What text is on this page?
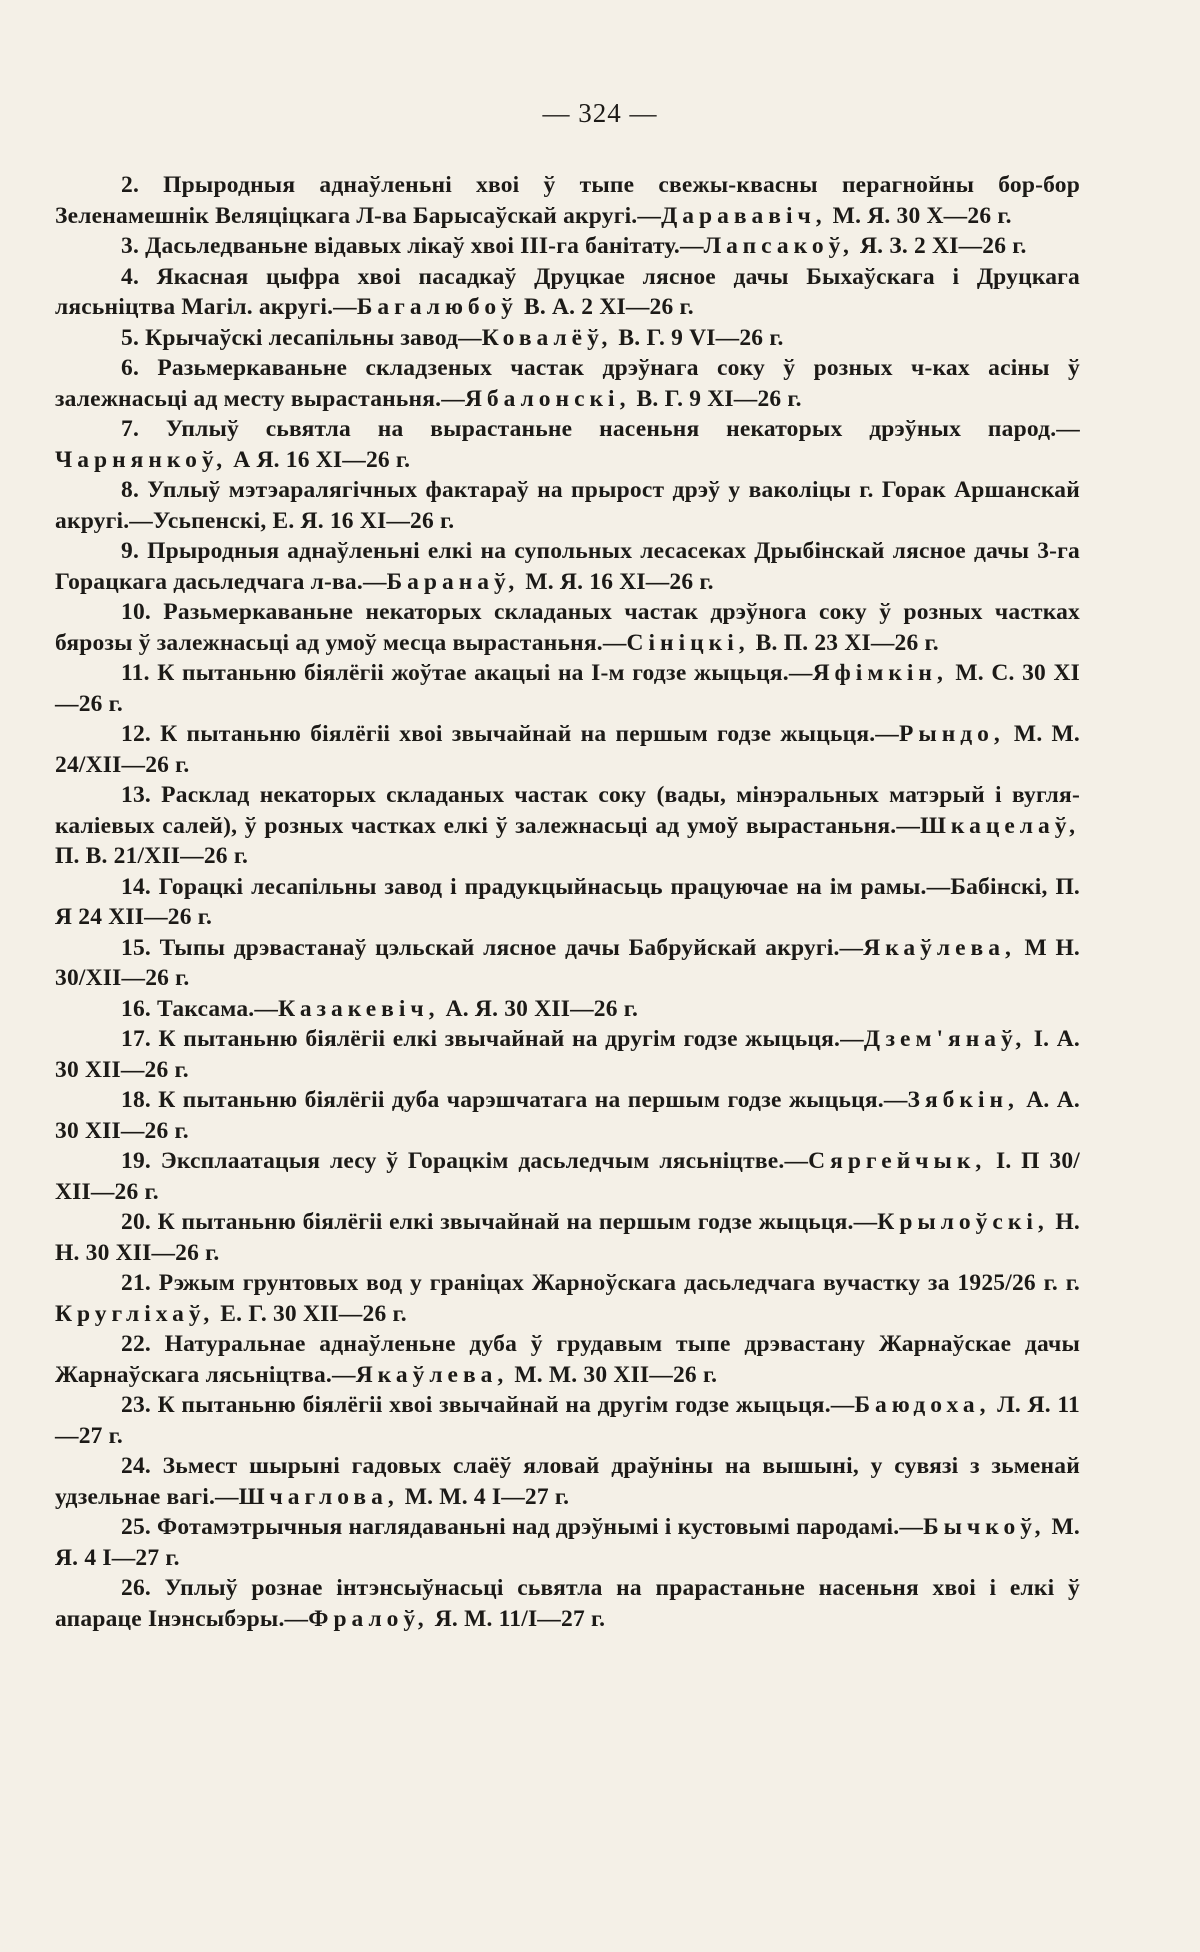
— 324 —
2. Прыродныя аднаўленьні хвоі ў тыпе свежы-квасны перагнойны бор-бор Зеленамешнік Веляціцкага Л-ва Барысаўскай акругі.—Дарававіч, М. Я. 30 Х—26 г.
3. Дасьледваньне відавых лікаў хвоі ІІІ-га банітату.—Лапсакоў, Я. З. 2 ХІ—26 г.
4. Якасная цыфра хвоі пасадкаў Друцкае лясное дачы Быхаўскага і Друцкага лясьніцтва Магіл. акругі.—Багалюбоў В. А. 2 ХІ—26 г.
5. Крычаўскі лесапільны завод—Ковалёў, В. Г. 9 VІ—26 г.
6. Разьмеркаваньне складзеных частак дрэўнага соку ў розных ч-ках асіны ў залежнасьці ад месту вырастаньня.—Ябалонскі, В. Г. 9 ХІ—26 г.
7. Уплыў сьвятла на вырастаньне насеньня некаторых дрэўных парод.—Чарнянкоў, А Я. 16 ХІ—26 г.
8. Уплыў мэтэаралягічных фактараў на прырост дрэў у ваколіцы г. Горак Аршанскай акругі.—Усьпенскі, Е. Я. 16 ХІ—26 г.
9. Прыродныя аднаўленьні елкі на супольных лесасеках Дрыбінскай лясное дачы 3-га Горацкага дасьледчага л-ва.—Баранаў, М. Я. 16 ХІ—26 г.
10. Разьмеркаваньне некаторых складаных частак дрэўнога соку ў розных частках бярозы ў залежнасьці ад умоў месца вырастаньня.—Сініцкі, В. П. 23 ХІ—26 г.
11. К пытаньню біялёгіі жоўтае акацыі на І-м годзе жыцьця.—Яфімкін, М. С. 30 ХІ—26 г.
12. К пытаньню біялёгіі хвоі звычайнай на першым годзе жыцьця.—Рындо, М. М. 24/ХІІ—26 г.
13. Расклад некаторых складаных частак соку (вады, мінэральных матэрый і вугля-каліевых салей), ў розных частках елкі ў залежнасьці ад умоў вырастаньня.—Шкацелаў, П. В. 21/ХІІ—26 г.
14. Горацкі лесапільны завод і прадукцыйнасьць працуючае на ім рамы.—Бабінскі, П. Я 24 ХІІ—26 г.
15. Тыпы дрэвастанаў цэльскай лясное дачы Бабруйскай акругі.—Якаўлева, М Н. 30/ХІІ—26 г.
16. Таксама.—Казакевіч, А. Я. 30 ХІІ—26 г.
17. К пытаньню біялёгіі елкі звычайнай на другім годзе жыцьця.—Дзем'янаў, І. А. 30 ХІІ—26 г.
18. К пытаньню біялёгіі дуба чарэшчатага на першым годзе жыцьця.—Зябкін, А. А. 30 ХІІ—26 г.
19. Эксплаатацыя лесу ў Горацкім дасьледчым лясьніцтве.—Сяргейчык, І. П 30/ХІІ—26 г.
20. К пытаньню біялёгіі елкі звычайнай на першым годзе жыцьця.—Крылоўскі, Н. Н. 30 ХІІ—26 г.
21. Рэжым грунтовых вод у граніцах Жарноўскага дасьледчага вучастку за 1925/26 г. г. Кругліхаў, Е. Г. 30 ХІІ—26 г.
22. Натуральнае аднаўленьне дуба ў грудавым тыпе дрэвастану Жарнаўскае дачы Жарнаўскага лясьніцтва.—Якаўлева, М. М. 30 ХІІ—26 г.
23. К пытаньню біялёгіі хвоі звычайнай на другім годзе жыцьця.—Баюдоха, Л. Я. 11—27 г.
24. Зьмест шырыні гадовых слаёў яловай драўніны на вышыні, у сувязі з зьменай удзельнае вагі.—Шчаглова, М. М. 4 І—27 г.
25. Фотамэтрычныя наглядаваньні над дрэўнымі і кустовымі пародамі.—Бычкоў, М. Я. 4 І—27 г.
26. Уплыў рознае інтэнсыўнасьці сьвятла на прарастаньне насеньня хвоі і елкі ў апараце Інэнсыбэры.—Фралоў, Я. М. 11/І—27 г.
